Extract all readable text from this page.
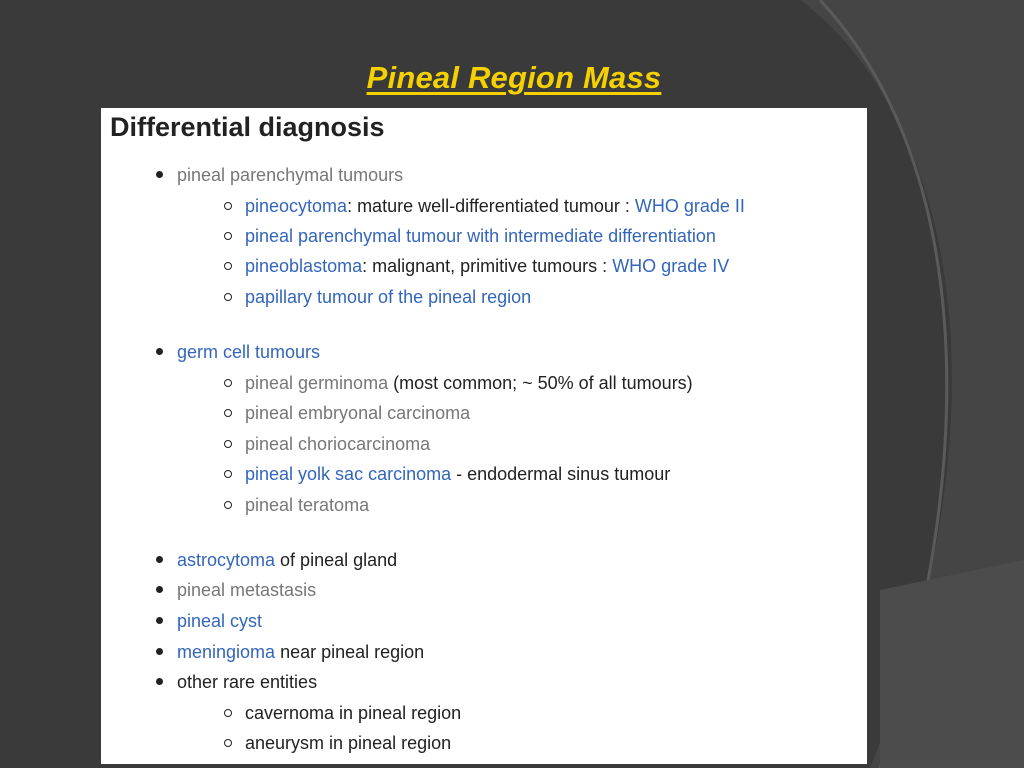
Pineal Region Mass
Differential diagnosis
pineal parenchymal tumours
pineocytoma: mature well-differentiated tumour : WHO grade II
pineal parenchymal tumour with intermediate differentiation
pineoblastoma: malignant, primitive tumours : WHO grade IV
papillary tumour of the pineal region
germ cell tumours
pineal germinoma (most common; ~ 50% of all tumours)
pineal embryonal carcinoma
pineal choriocarcinoma
pineal yolk sac carcinoma - endodermal sinus tumour
pineal teratoma
astrocytoma of pineal gland
pineal metastasis
pineal cyst
meningioma near pineal region
other rare entities
cavernoma in pineal region
aneurysm in pineal region
